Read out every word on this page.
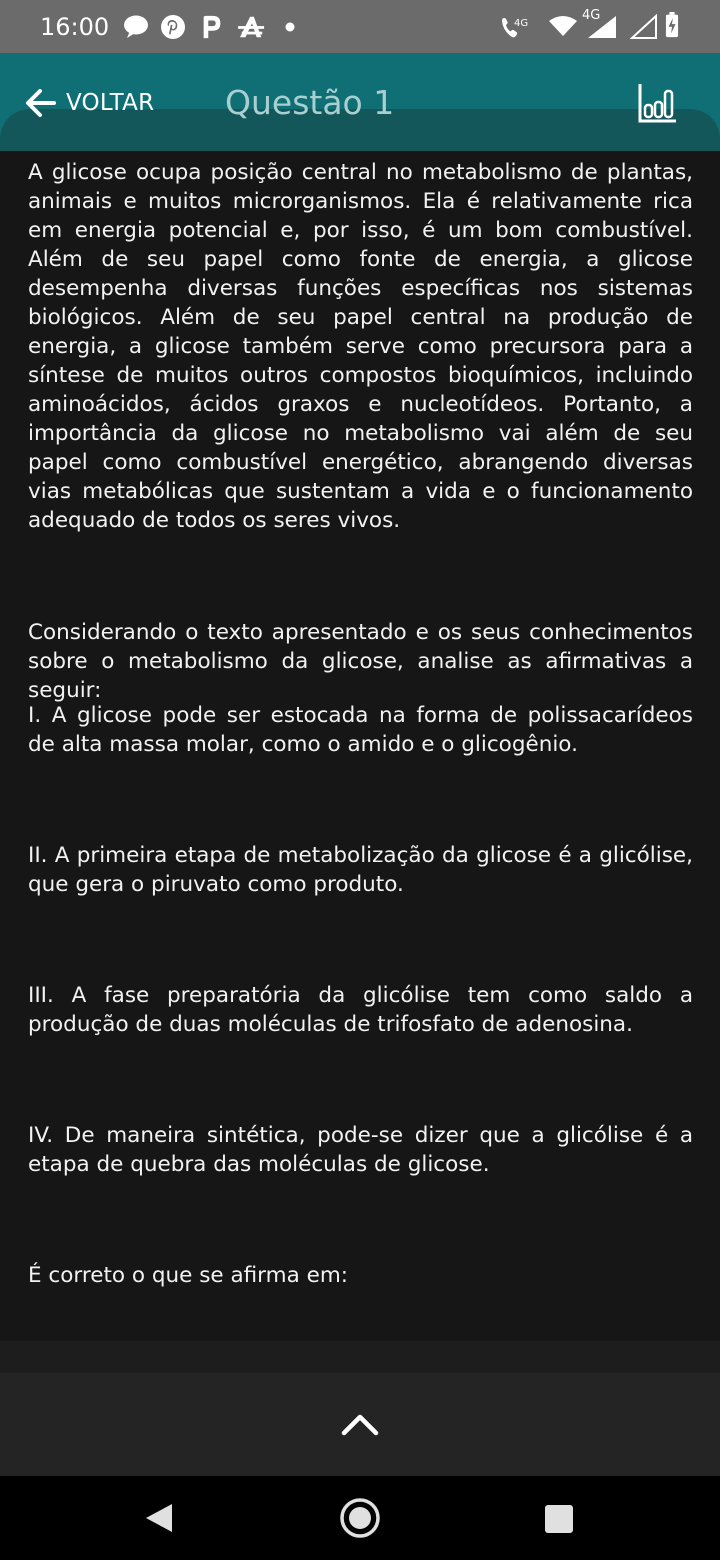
16:00	4G
4G
VOLTAR Questão 1

A glicose ocupa posição central no metabolismo de plantas, animais e muitos microrganismos. Ela é relativamente rica em energia potencial e, por isso, é um bom combustível. Além de seu papel como fonte de energia, a glicose desempenha diversas funções específicas nos sistemas biológicos. Além de seu papel central na produção de energia, a glicose também serve como precursora para a síntese de muitos outros compostos bioquímicos, incluindo aminoácidos, ácidos graxos e nucleotídeos. Portanto, a importância da glicose no metabolismo vai além de seu papel como combustível energético, abrangendo diversas vias metabólicas que sustentam a vida e o funcionamento adequado de todos os seres vivos.

Considerando o texto apresentado e os seus conhecimentos sobre o metabolismo da glicose, analise as afirmativas a seguir:

I. A glicose pode ser estocada na forma de polissacarídeos de alta massa molar, como o amido e o glicogênio.

II. A primeira etapa de metabolização da glicose é a glicólise, que gera o piruvato como produto.

III. A fase preparatória da glicólise tem como saldo a produção de duas moléculas de trifosfato de adenosina.

IV. De maneira sintética, pode-se dizer que a glicólise é a etapa de quebra das moléculas de glicose.

É correto o que se afirma em:
